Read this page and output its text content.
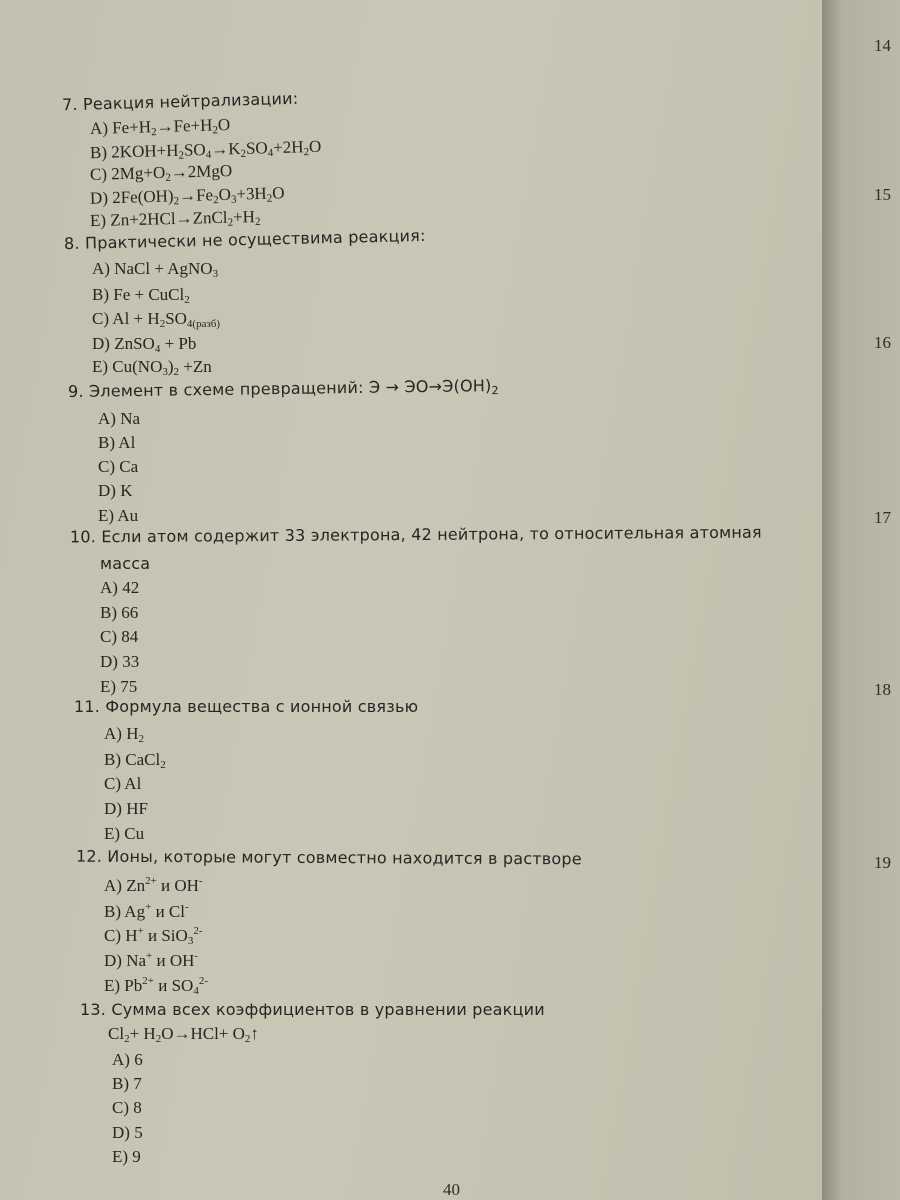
14
15
16
17
18
19
7. Реакция нейтрализации:
A) $Fe+H_2\to Fe+H_2O$
B) $2KOH+H_2SO_4\to K_2SO_4+2H_2O$
C) $2Mg+O_2\to 2MgO$
D) $2Fe(OH)_2\to Fe_2O_3+3H_2O$
E) $Zn+2HCl\to ZnCl_2+H_2$
8. Практически не осуществима реакция:
A) NaCl + AgNO$_3$
B) Fe + CuCl$_2$
C) $Al + H_2SO_{4(разб)}$
D) ZnSO$_4$ + Pb
E) $Cu(NO_3)_2 +Zn$
9. Элемент в схеме превращений: $Э \to ЭО\to Э(OH)_2$
A) Na
B) Al
C) Ca
D) K
E) Au
10. Если атом содержит 33 электрона, 42 нейтрона, то относительная атомная
масса
A) 42
B) 66
C) 84
D) 33
E) 75
11. Формула вещества с ионной связью
A) $H_2$
B) CaCl$_2$
C) Al
D) HF
E) Cu
12. Ионы, которые могут совместно находится в растворе
A) $Zn^{2+}$ и OH-
B) Ag+ и Cl-
C) H+ и SiO$_3^{2-}$
D) Na+ и OH-
E) $Pb^{2+}$ и $SO_4^{2-}$
13. Сумма всех коэффициентов в уравнении реакции
$Cl_2+ H_2O\to HCl+$ $O_2↑$
A) 6
B) 7
C) 8
D) 5
E) 9
40
